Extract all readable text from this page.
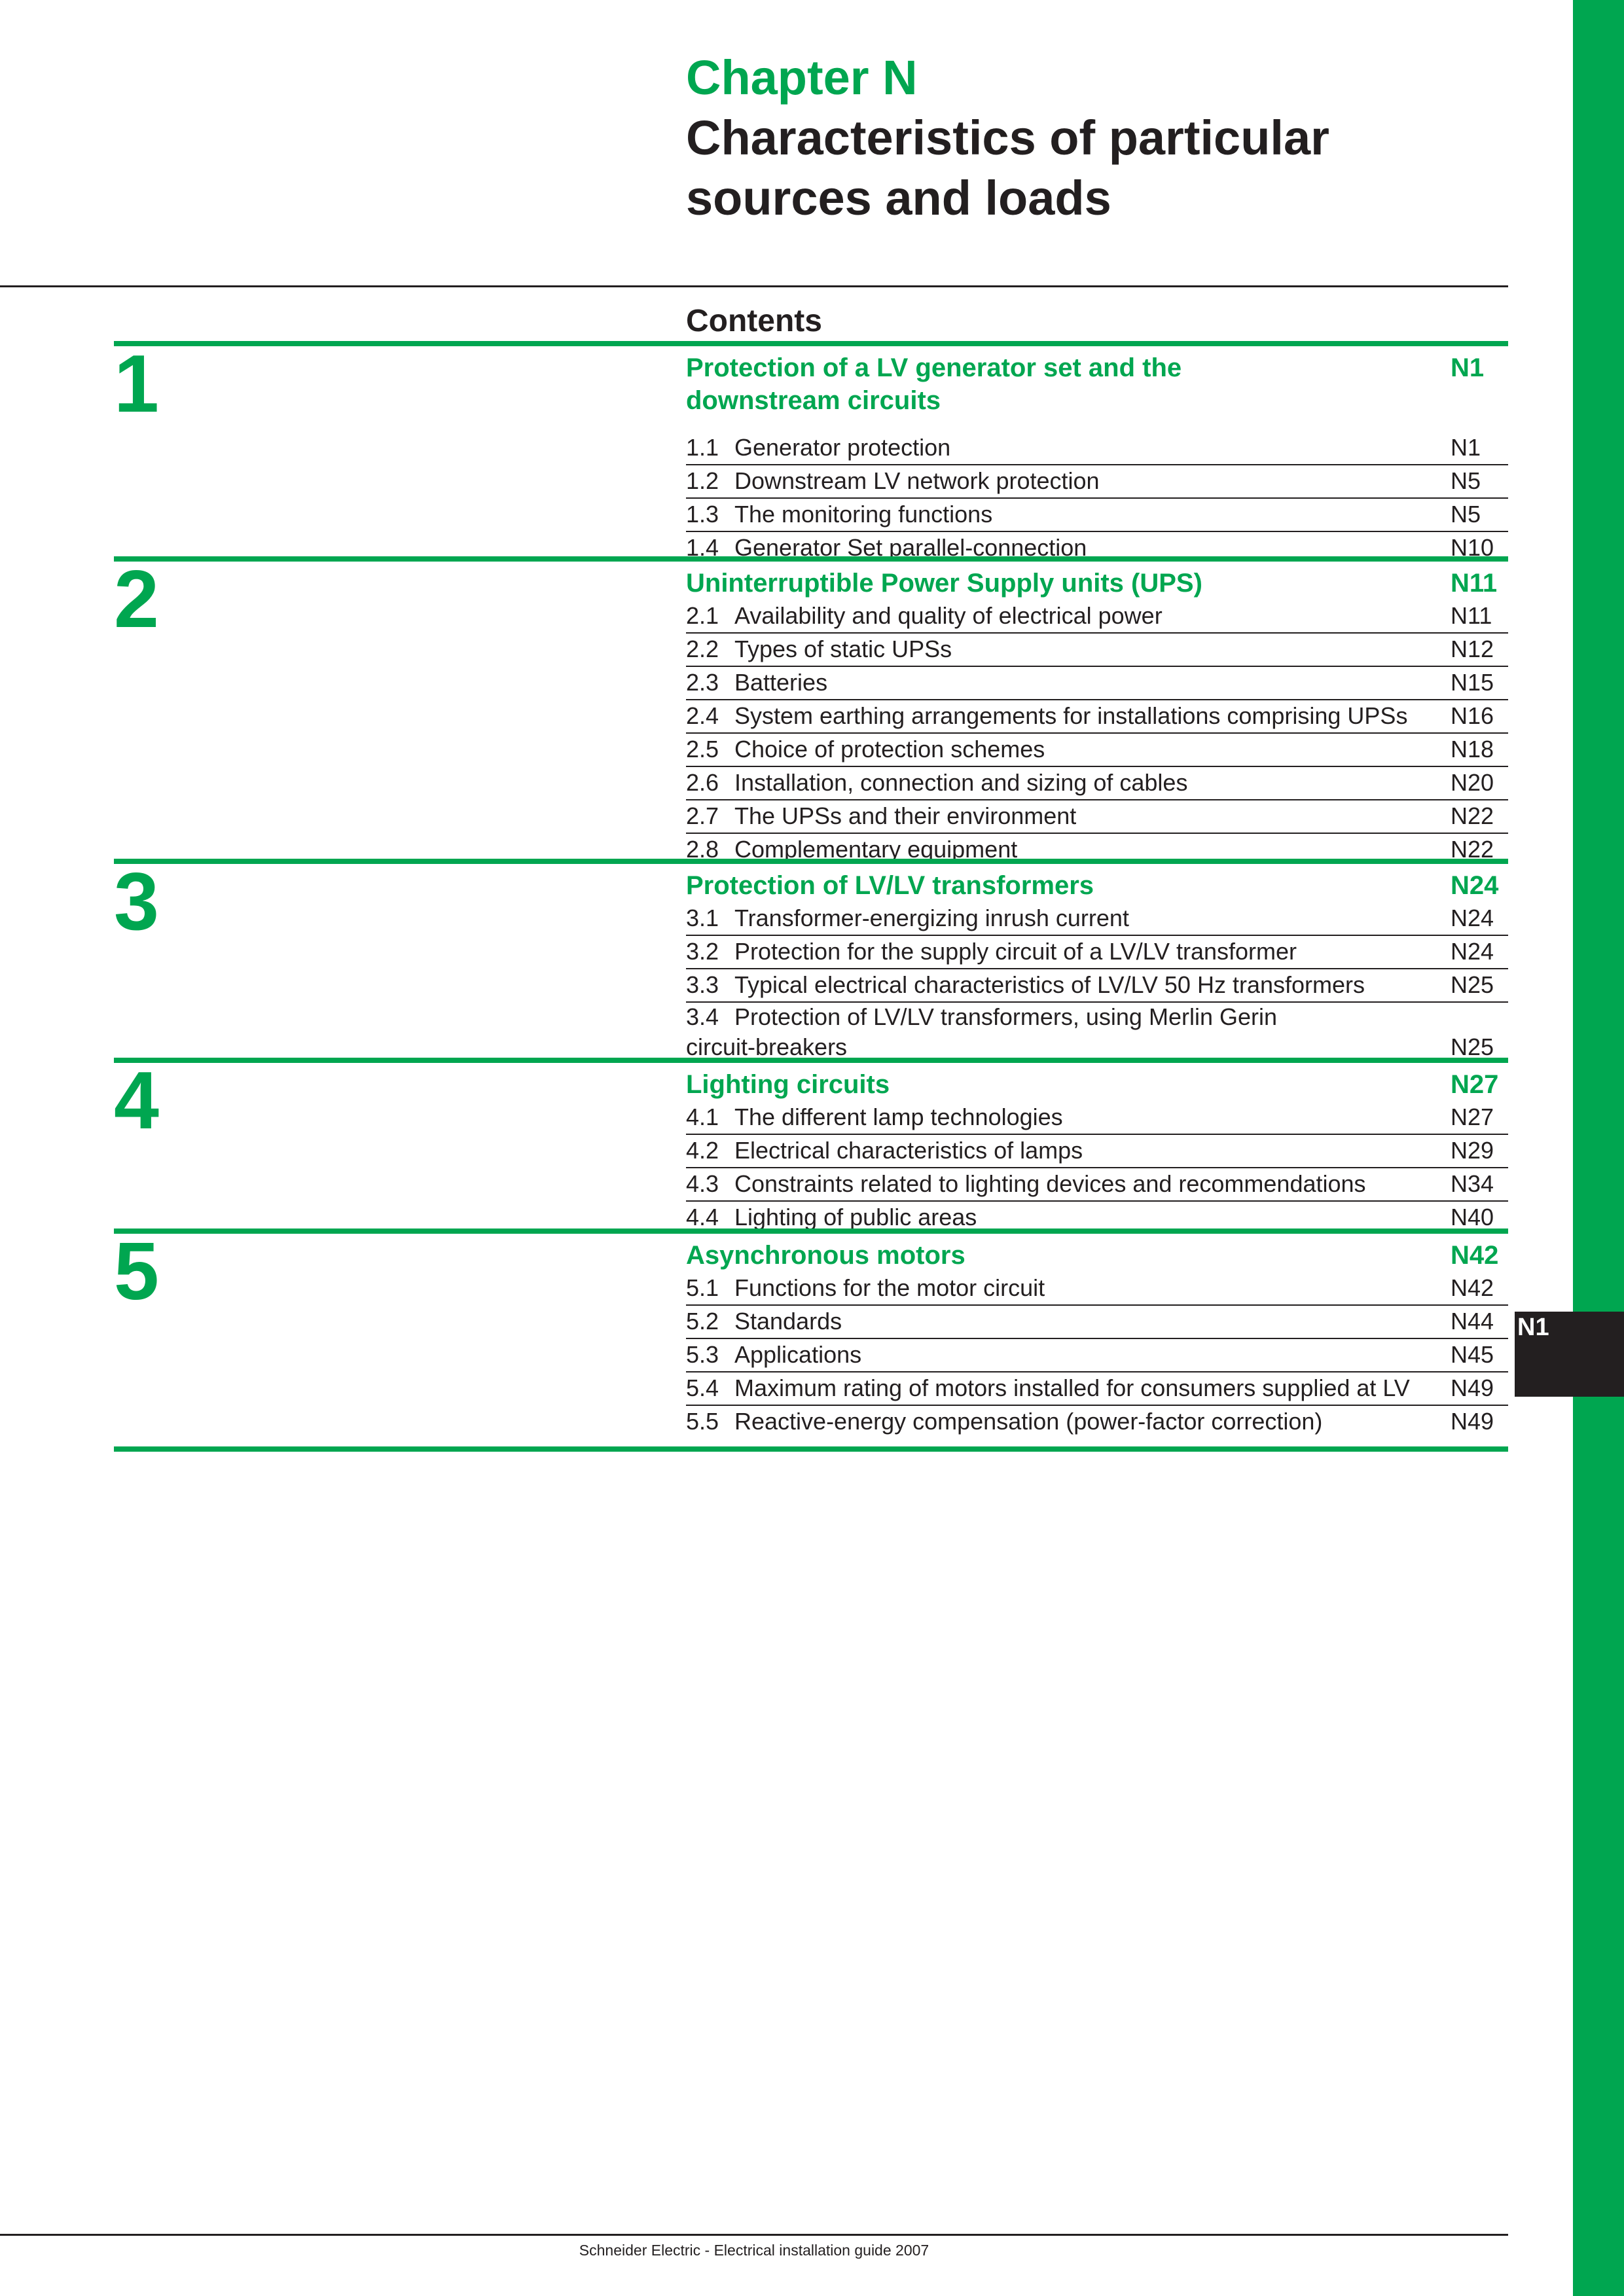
N1
Chapter N
Characteristics of particular sources and loads
Contents
1	Protection of a LV generator set and the downstream circuits
N1
1.1 Generator protection	N1
1.2 Downstream LV network protection	N5
1.3 The monitoring functions	N5
1.4 Generator Set parallel-connection	N10
2	Uninterruptible Power Supply units (UPS)	N11
2.1 Availability and quality of electrical power	N11
2.2 Types of static UPSs	N12
2.3 Batteries	N15
2.4 System earthing arrangements for installations comprising UPSs N16
2.5 Choice of protection schemes	N18
2.6 Installation, connection and sizing of cables	N20
2.7 The UPSs and their environment	N22
2.8 Complementary equipment	N22
3	Protection of LV/LV transformers	N24
3.1 Transformer-energizing inrush current	N24
3.2 Protection for the supply circuit of a LV/LV transformer	N24
3.3 Typical electrical characteristics of LV/LV 50 Hz transformers	N25
3.4 Protection of LV/LV transformers, using Merlin Gerin
circuit-breakers	N25
4	Lighting circuits	N27
4.1 The different lamp technologies	N27
4.2 Electrical characteristics of lamps	N29
4.3 Constraints related to lighting devices and recommendations	N34
4.4 Lighting of public areas	N40
5	Asynchronous motors	N42
5.1 Functions for the motor circuit	N42
5.2 Standards	N44
5.3 Applications	N45
5.4 Maximum rating of motors installed for consumers supplied at LV N49
5.5 Reactive-energy compensation (power-factor correction)	N49
Schneider Electric - Electrical installation guide 2007
